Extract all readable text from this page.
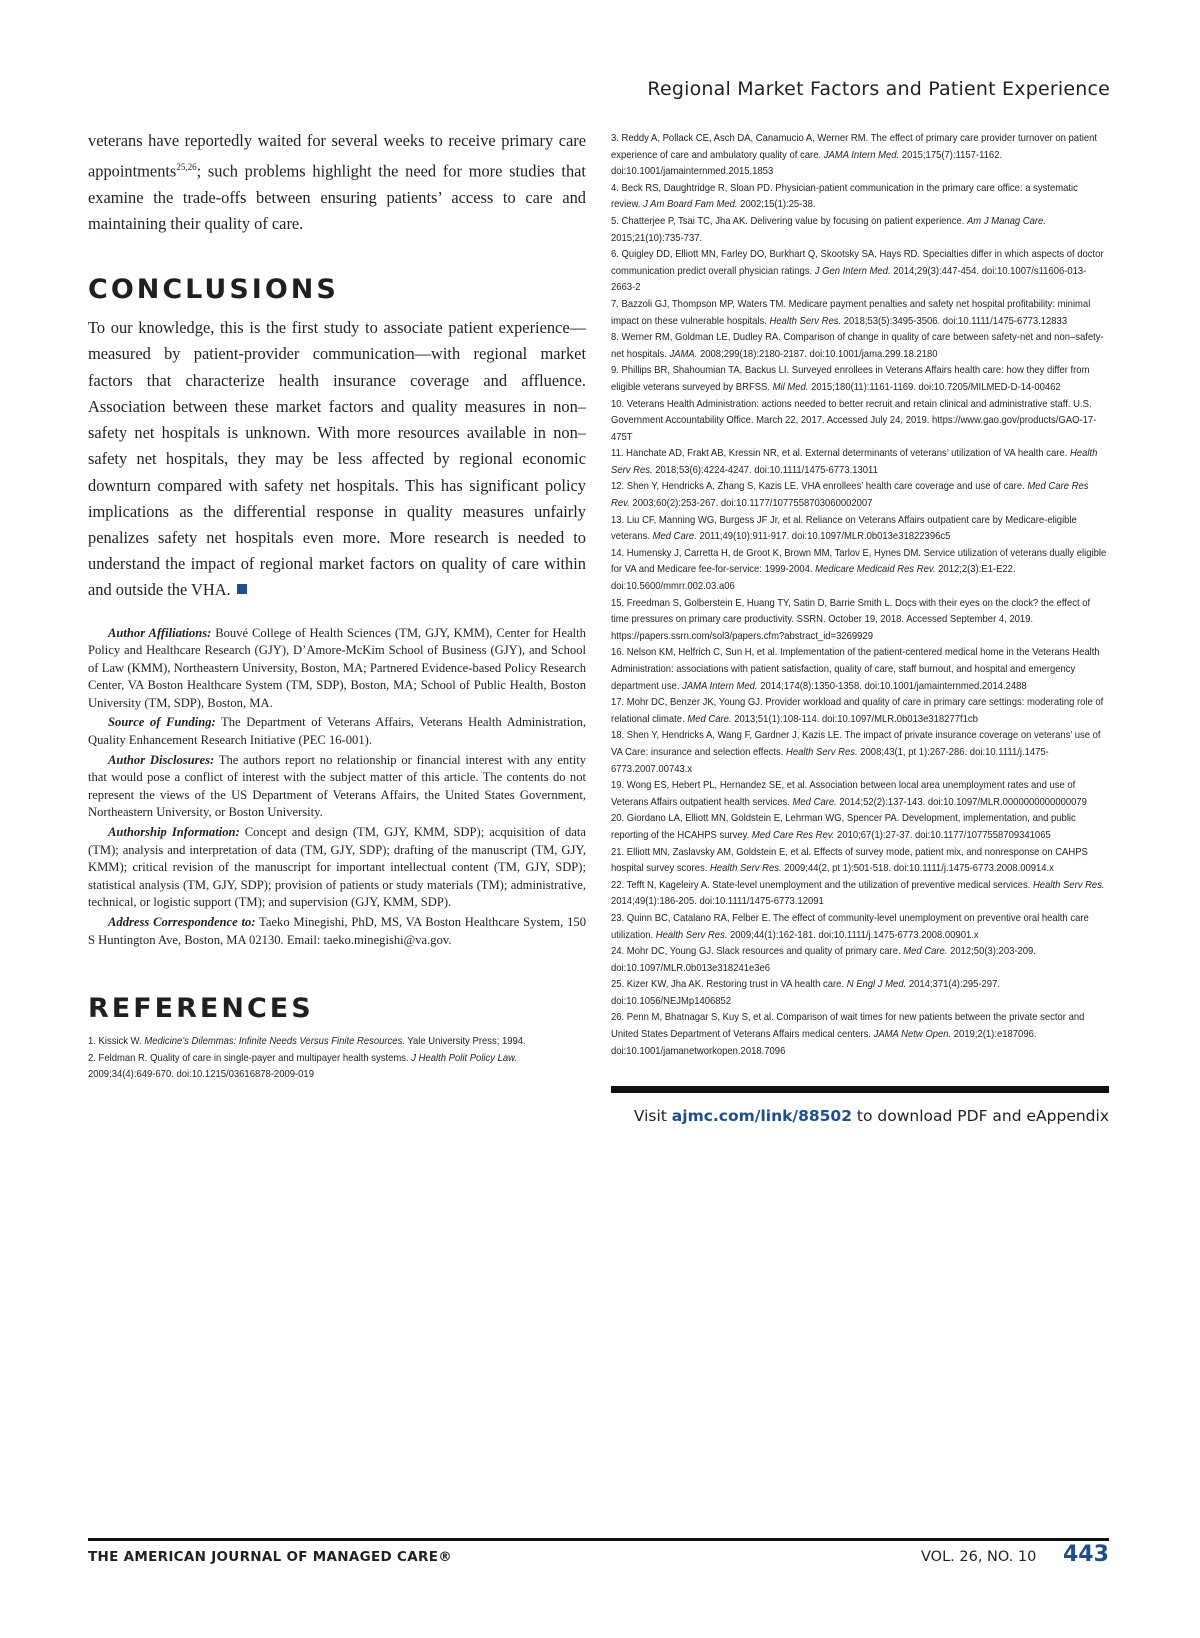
Regional Market Factors and Patient Experience

veterans have reportedly waited for several weeks to receive primary care appointments$^{25,26}$; such problems highlight the need for more studies that examine the trade-offs between ensuring patients’ access to care and maintaining their quality of care.

CONCLUSIONS

To our knowledge, this is the first study to associate patient experience—measured by patient-provider communication—with regional market factors that characterize health insurance coverage and affluence. Association between these market factors and quality measures in non–safety net hospitals is unknown. With more resources available in non–safety net hospitals, they may be less affected by regional economic downturn compared with safety net hospitals. This has significant policy implications as the differential response in quality measures unfairly penalizes safety net hospitals even more. More research is needed to understand the impact of regional market factors on quality of care within and outside the VHA.

Author Affiliations: Bouvé College of Health Sciences (TM, GJY, KMM), Center for Health Policy and Healthcare Research (GJY), D’Amore-McKim School of Business (GJY), and School of Law (KMM), Northeastern University, Boston, MA; Partnered Evidence-based Policy Research Center, VA Boston Healthcare System (TM, SDP), Boston, MA; School of Public Health, Boston University (TM, SDP), Boston, MA.

Source of Funding: The Department of Veterans Affairs, Veterans Health Administration, Quality Enhancement Research Initiative (PEC 16-001).

Author Disclosures: The authors report no relationship or financial interest with any entity that would pose a conflict of interest with the subject matter of this article. The contents do not represent the views of the US Department of Veterans Affairs, the United States Government, Northeastern University, or Boston University.

Authorship Information: Concept and design (TM, GJY, KMM, SDP); acquisition of data (TM); analysis and interpretation of data (TM, GJY, SDP); drafting of the manuscript (TM, GJY, KMM); critical revision of the manuscript for important intellectual content (TM, GJY, SDP); statistical analysis (TM, GJY, SDP); provision of patients or study materials (TM); administrative, technical, or logistic support (TM); and supervision (GJY, KMM, SDP).

Address Correspondence to: Taeko Minegishi, PhD, MS, VA Boston Healthcare System, 150 S Huntington Ave, Boston, MA 02130. Email: taeko.minegishi@va.gov.

REFERENCES

1. Kissick W. Medicine’s Dilemmas: Infinite Needs Versus Finite Resources. Yale University Press; 1994.

2. Feldman R. Quality of care in single-payer and multipayer health systems. J Health Polit Policy Law. 2009;34(4):649-670. doi:10.1215/03616878-2009-019

3. Reddy A, Pollack CE, Asch DA, Canamucio A, Werner RM. The effect of primary care provider turnover on patient experience of care and ambulatory quality of care. JAMA Intern Med. 2015;175(7):1157-1162. doi:10.1001/jamainternmed.2015.1853

4. Beck RS, Daughtridge R, Sloan PD. Physician-patient communication in the primary care office: a systematic review. J Am Board Fam Med. 2002;15(1):25-38.

5. Chatterjee P, Tsai TC, Jha AK. Delivering value by focusing on patient experience. Am J Manag Care. 2015;21(10):735-737.

6. Quigley DD, Elliott MN, Farley DO, Burkhart Q, Skootsky SA, Hays RD. Specialties differ in which aspects of doctor communication predict overall physician ratings. J Gen Intern Med. 2014;29(3):447-454. doi:10.1007/s11606-013-2663-2

7. Bazzoli GJ, Thompson MP, Waters TM. Medicare payment penalties and safety net hospital profitability: minimal impact on these vulnerable hospitals. Health Serv Res. 2018;53(5):3495-3506. doi:10.1111/1475-6773.12833

8. Werner RM, Goldman LE, Dudley RA. Comparison of change in quality of care between safety-net and non–safety-net hospitals. JAMA. 2008;299(18):2180-2187. doi:10.1001/jama.299.18.2180

9. Phillips BR, Shahoumian TA, Backus LI. Surveyed enrollees in Veterans Affairs health care: how they differ from eligible veterans surveyed by BRFSS. Mil Med. 2015;180(11):1161-1169. doi:10.7205/MILMED-D-14-00462

10. Veterans Health Administration: actions needed to better recruit and retain clinical and administrative staff. U.S. Government Accountability Office. March 22, 2017. Accessed July 24, 2019. https://www.gao.gov/products/GAO-17-475T

11. Hanchate AD, Frakt AB, Kressin NR, et al. External determinants of veterans’ utilization of VA health care. Health Serv Res. 2018;53(6):4224-4247. doi:10.1111/1475-6773.13011

12. Shen Y, Hendricks A, Zhang S, Kazis LE. VHA enrollees’ health care coverage and use of care. Med Care Res Rev. 2003;60(2):253-267. doi:10.1177/1077558703060002007

13. Liu CF, Manning WG, Burgess JF Jr, et al. Reliance on Veterans Affairs outpatient care by Medicare-eligible veterans. Med Care. 2011;49(10):911-917. doi:10.1097/MLR.0b013e31822396c5

14. Humensky J, Carretta H, de Groot K, Brown MM, Tarlov E, Hynes DM. Service utilization of veterans dually eligible for VA and Medicare fee-for-service: 1999-2004. Medicare Medicaid Res Rev. 2012;2(3):E1-E22. doi:10.5600/mmrr.002.03.a06

15. Freedman S, Golberstein E, Huang TY, Satin D, Barrie Smith L. Docs with their eyes on the clock? the effect of time pressures on primary care productivity. SSRN. October 19, 2018. Accessed September 4, 2019. https://papers.ssrn.com/sol3/papers.cfm?abstract_id=3269929

16. Nelson KM, Helfrich C, Sun H, et al. Implementation of the patient-centered medical home in the Veterans Health Administration: associations with patient satisfaction, quality of care, staff burnout, and hospital and emergency department use. JAMA Intern Med. 2014;174(8):1350-1358. doi:10.1001/jamainternmed.2014.2488

17. Mohr DC, Benzer JK, Young GJ. Provider workload and quality of care in primary care settings: moderating role of relational climate. Med Care. 2013;51(1):108-114. doi:10.1097/MLR.0b013e318277f1cb

18. Shen Y, Hendricks A, Wang F, Gardner J, Kazis LE. The impact of private insurance coverage on veterans’ use of VA Care: insurance and selection effects. Health Serv Res. 2008;43(1, pt 1):267-286. doi:10.1111/j.1475-6773.2007.00743.x

19. Wong ES, Hebert PL, Hernandez SE, et al. Association between local area unemployment rates and use of Veterans Affairs outpatient health services. Med Care. 2014;52(2):137-143. doi:10.1097/MLR.0000000000000079

20. Giordano LA, Elliott MN, Goldstein E, Lehrman WG, Spencer PA. Development, implementation, and public reporting of the HCAHPS survey. Med Care Res Rev. 2010;67(1):27-37. doi:10.1177/1077558709341065

21. Elliott MN, Zaslavsky AM, Goldstein E, et al. Effects of survey mode, patient mix, and nonresponse on CAHPS hospital survey scores. Health Serv Res. 2009;44(2, pt 1):501-518. doi:10.1111/j.1475-6773.2008.00914.x

22. Tefft N, Kageleiry A. State-level unemployment and the utilization of preventive medical services. Health Serv Res. 2014;49(1):186-205. doi:10.1111/1475-6773.12091

23. Quinn BC, Catalano RA, Felber E. The effect of community-level unemployment on preventive oral health care utilization. Health Serv Res. 2009;44(1):162-181. doi:10.1111/j.1475-6773.2008.00901.x

24. Mohr DC, Young GJ. Slack resources and quality of primary care. Med Care. 2012;50(3):203-209. doi:10.1097/MLR.0b013e318241e3e6

25. Kizer KW, Jha AK. Restoring trust in VA health care. N Engl J Med. 2014;371(4):295-297. doi:10.1056/NEJMp1406852

26. Penn M, Bhatnagar S, Kuy S, et al. Comparison of wait times for new patients between the private sector and United States Department of Veterans Affairs medical centers. JAMA Netw Open. 2019;2(1):e187096. doi:10.1001/jamanetworkopen.2018.7096

Visit ajmc.com/link/88502 to download PDF and eAppendix
THE AMERICAN JOURNAL OF MANAGED CARE®	VOL. 26, NO. 10 443
